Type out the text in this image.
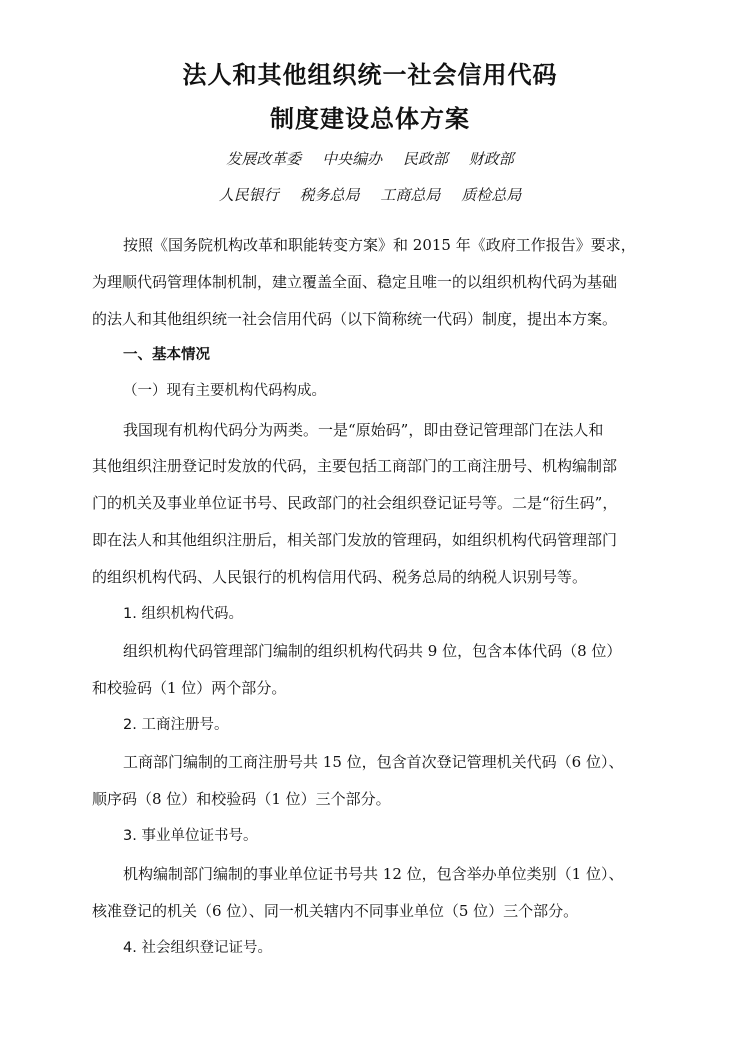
法人和其他组织统一社会信用代码
制度建设总体方案
发展改革委 中央编办 民政部 财政部
人民银行 税务总局 工商总局 质检总局
按照《国务院机构改革和职能转变方案》和 2015 年《政府工作报告》要求，
为理顺代码管理体制机制，建立覆盖全面、稳定且唯一的以组织机构代码为基础
的法人和其他组织统一社会信用代码（以下简称统一代码）制度，提出本方案。
一、基本情况
（一）现有主要机构代码构成。
我国现有机构代码分为两类。一是“原始码”，即由登记管理部门在法人和
其他组织注册登记时发放的代码，主要包括工商部门的工商注册号、机构编制部
门的机关及事业单位证书号、民政部门的社会组织登记证号等。二是“衍生码”，
即在法人和其他组织注册后，相关部门发放的管理码，如组织机构代码管理部门
的组织机构代码、人民银行的机构信用代码、税务总局的纳税人识别号等。
1. 组织机构代码。
组织机构代码管理部门编制的组织机构代码共 9 位，包含本体代码（8 位）
和校验码（1 位）两个部分。
2. 工商注册号。
工商部门编制的工商注册号共 15 位，包含首次登记管理机关代码（6 位）、
顺序码（8 位）和校验码（1 位）三个部分。
3. 事业单位证书号。
机构编制部门编制的事业单位证书号共 12 位，包含举办单位类别（1 位）、
核准登记的机关（6 位）、同一机关辖内不同事业单位（5 位）三个部分。
4. 社会组织登记证号。
